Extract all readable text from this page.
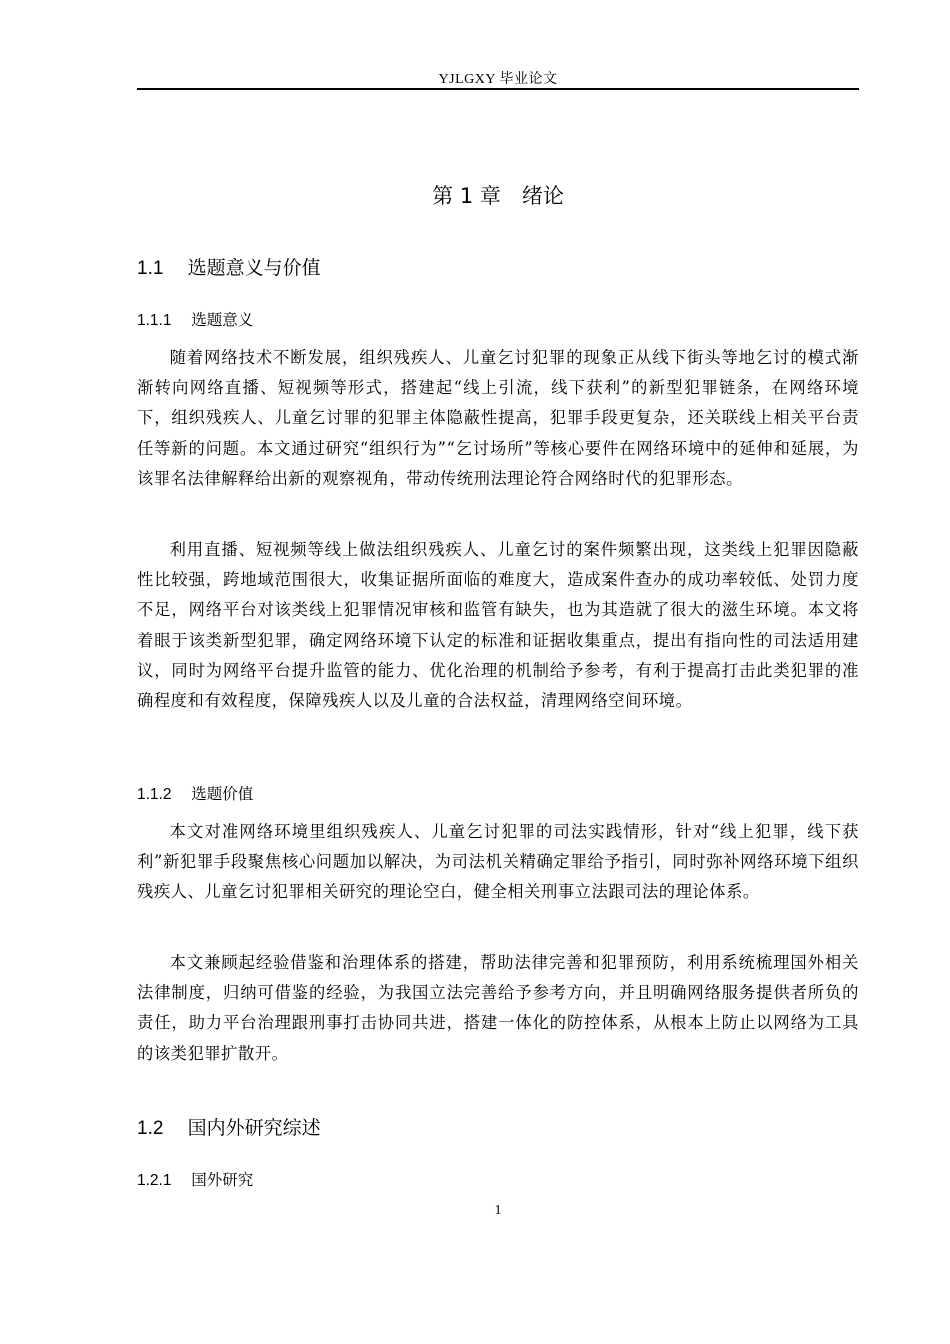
YJLGXY 毕业论文
第 1 章　绪论
1.1 选题意义与价值
1.1.1 选题意义

随着网络技术不断发展，组织残疾人、儿童乞讨犯罪的现象正从线下街头等地乞讨的模式渐渐转向网络直播、短视频等形式，搭建起“线上引流，线下获利”的新型犯罪链条，在网络环境下，组织残疾人、儿童乞讨罪的犯罪主体隐蔽性提高，犯罪手段更复杂，还关联线上相关平台责任等新的问题。本文通过研究“组织行为”“乞讨场所”等核心要件在网络环境中的延伸和延展，为该罪名法律解释给出新的观察视角，带动传统刑法理论符合网络时代的犯罪形态。

利用直播、短视频等线上做法组织残疾人、儿童乞讨的案件频繁出现，这类线上犯罪因隐蔽性比较强，跨地域范围很大，收集证据所面临的难度大，造成案件查办的成功率较低、处罚力度不足，网络平台对该类线上犯罪情况审核和监管有缺失，也为其造就了很大的滋生环境。本文将着眼于该类新型犯罪，确定网络环境下认定的标准和证据收集重点，提出有指向性的司法适用建议，同时为网络平台提升监管的能力、优化治理的机制给予参考，有利于提高打击此类犯罪的准确程度和有效程度，保障残疾人以及儿童的合法权益，清理网络空间环境。

1.1.2 选题价值

本文对准网络环境里组织残疾人、儿童乞讨犯罪的司法实践情形，针对“线上犯罪，线下获利”新犯罪手段聚焦核心问题加以解决，为司法机关精确定罪给予指引，同时弥补网络环境下组织残疾人、儿童乞讨犯罪相关研究的理论空白，健全相关刑事立法跟司法的理论体系。

本文兼顾起经验借鉴和治理体系的搭建，帮助法律完善和犯罪预防，利用系统梳理国外相关法律制度，归纳可借鉴的经验，为我国立法完善给予参考方向，并且明确网络服务提供者所负的责任，助力平台治理跟刑事打击协同共进，搭建一体化的防控体系，从根本上防止以网络为工具的该类犯罪扩散开。

1.2 国内外研究综述
1.2.1 国外研究
1
